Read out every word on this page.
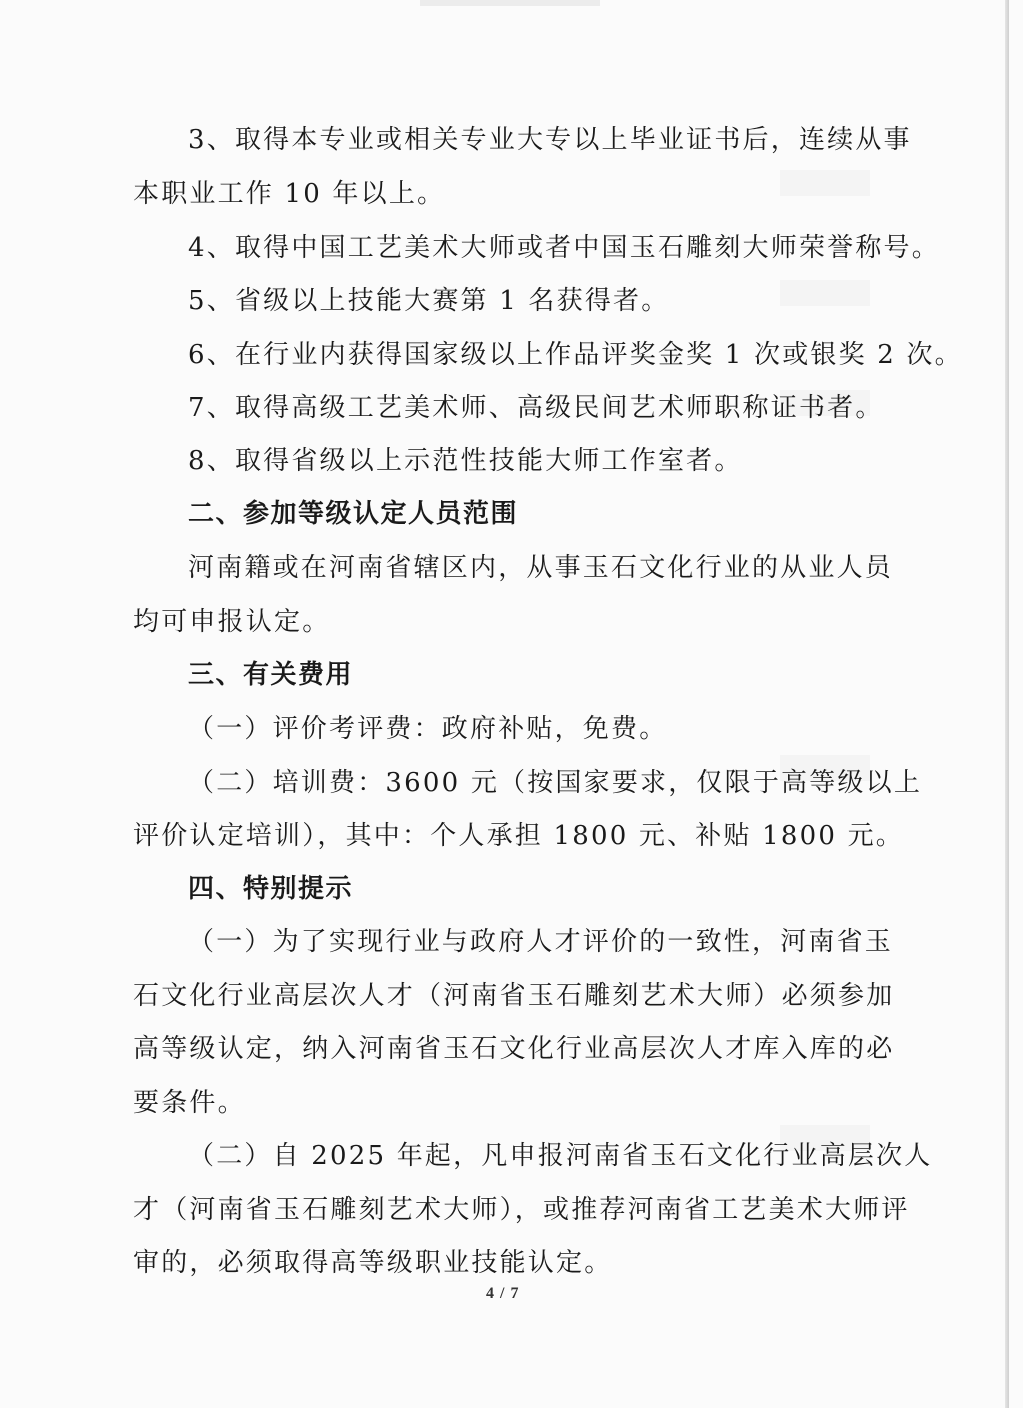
3、取得本专业或相关专业大专以上毕业证书后，连续从事
本职业工作 10 年以上。
4、取得中国工艺美术大师或者中国玉石雕刻大师荣誉称号。
5、省级以上技能大赛第 1 名获得者。
6、在行业内获得国家级以上作品评奖金奖 1 次或银奖 2 次。
7、取得高级工艺美术师、高级民间艺术师职称证书者。
8、取得省级以上示范性技能大师工作室者。
二、参加等级认定人员范围
河南籍或在河南省辖区内，从事玉石文化行业的从业人员
均可申报认定。
三、有关费用
（一）评价考评费：政府补贴，免费。
（二）培训费：3600 元（按国家要求，仅限于高等级以上
评价认定培训），其中：个人承担 1800 元、补贴 1800 元。
四、特别提示
（一）为了实现行业与政府人才评价的一致性，河南省玉
石文化行业高层次人才（河南省玉石雕刻艺术大师）必须参加
高等级认定，纳入河南省玉石文化行业高层次人才库入库的必
要条件。
（二）自 2025 年起，凡申报河南省玉石文化行业高层次人
才（河南省玉石雕刻艺术大师），或推荐河南省工艺美术大师评
审的，必须取得高等级职业技能认定。
4 / 7
